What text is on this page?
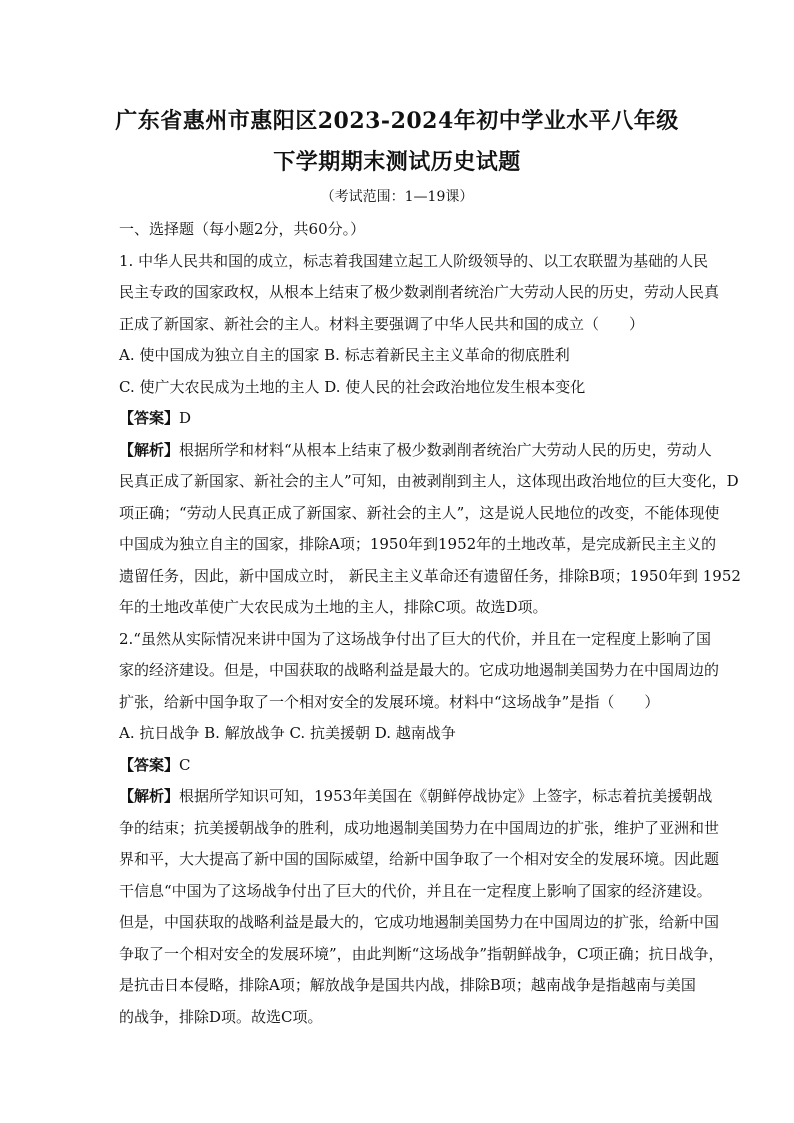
广东省惠州市惠阳区2023-2024年初中学业水平八年级
下学期期末测试历史试题
（考试范围：1—19课）
一、选择题（每小题2分，共60分。）
1. 中华人民共和国的成立，标志着我国建立起工人阶级领导的、以工农联盟为基础的人民
民主专政的国家政权，从根本上结束了极少数剥削者统治广大劳动人民的历史，劳动人民真
正成了新国家、新社会的主人。材料主要强调了中华人民共和国的成立（　　）
A. 使中国成为独立自主的国家 B. 标志着新民主主义革命的彻底胜利
C. 使广大农民成为土地的主人 D. 使人民的社会政治地位发生根本变化
【答案】D
【解析】根据所学和材料“从根本上结束了极少数剥削者统治广大劳动人民的历史，劳动人
民真正成了新国家、新社会的主人”可知，由被剥削到主人，这体现出政治地位的巨大变化，D
项正确；“劳动人民真正成了新国家、新社会的主人”，这是说人民地位的改变，不能体现使
中国成为独立自主的国家，排除A项；1950年到1952年的土地改革，是完成新民主主义的
遗留任务，因此，新中国成立时， 新民主主义革命还有遗留任务，排除B项；1950年到 1952
年的土地改革使广大农民成为土地的主人，排除C项。故选D项。
2.“虽然从实际情况来讲中国为了这场战争付出了巨大的代价，并且在一定程度上影响了国
家的经济建设。但是，中国获取的战略利益是最大的。它成功地遏制美国势力在中国周边的
扩张，给新中国争取了一个相对安全的发展环境。材料中“这场战争”是指（　　）
A. 抗日战争 B. 解放战争 C. 抗美援朝 D. 越南战争
【答案】C
【解析】根据所学知识可知，1953年美国在《朝鲜停战协定》上签字，标志着抗美援朝战
争的结束；抗美援朝战争的胜利，成功地遏制美国势力在中国周边的扩张，维护了亚洲和世
界和平，大大提高了新中国的国际威望，给新中国争取了一个相对安全的发展环境。因此题
干信息“中国为了这场战争付出了巨大的代价，并且在一定程度上影响了国家的经济建设。
但是，中国获取的战略利益是最大的，它成功地遏制美国势力在中国周边的扩张，给新中国
争取了一个相对安全的发展环境”，由此判断“这场战争”指朝鲜战争，C项正确；抗日战争，
是抗击日本侵略，排除A项；解放战争是国共内战，排除B项；越南战争是指越南与美国
的战争，排除D项。故选C项。
